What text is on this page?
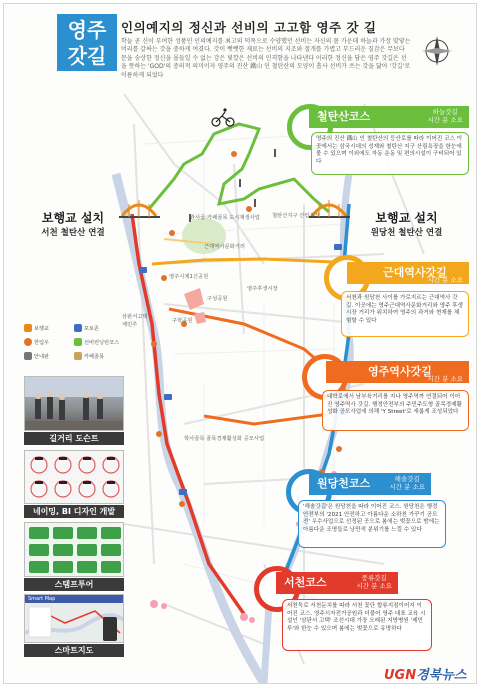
영주
갓길
인의예지의 정신과 선비의 고고함 영주 갓 길
학늘 곧 신이 부여한 성품인 인의예지를 최고의 덕목으로 수양했던 선비는 자신의 몸 가운데 하늘과 가장 맞닿는 머리를 갈싸는 갓을 중하게 여겼다. 갓이 뻣뻣한 재료는 선비의 지조와 절개를 가볍고 부드러운 질감은 무보다 문을 숭상한 정신을 몰들일 수 없는 강은 빛깔은 선비의 인격함을 나타낸다 이러한 정신을 담은 영주 갓길은 선을 뜻하는 'GOD'의 중의적 의미이자 영주의 진산 鐵山 인 철탄산의 모양이 흡사 선비가 쓰는 갓을 닮아 '갓길'로 이름하게 되었다
철탄산코스	하늘갓길
시간 분 소요
영주의 진산 鐵山 인 철탄산의 등산로를 따라 이어진 코스 이곳에서는 삼국시대의 성재와 철탄산 지구 산림욕장을 한눈에 볼 수 있으며 이외에도 자동 운동 및 편의시설이 구비되어 있다
근대역사갓길
시간 분 소요
서천과 원당천 사이를 가로지르는 근대역사 갓길. 이곳에는 영주근대역사문화거리와 영주 후생시장 거리가 위치하여 영주의 과거와 현재를 체험할 수 있다
영주역사갓길
시간 분 소요
대학로에서 남부육거리를 지나 영주역까 연결되어 이어진 영주역사 갓길. 행정안전부의 주민주도형 골목경제활성화 공모사업에 의해 'Y Street'로 새롭게 조성되었다
원당천코스	해솔갓길
시간 분 소요
'해솔갓길'은 원당천을 따라 이어진 코스. 원당천은 행정안전부의 '2021 안전하고 아름다운 소하천 가꾸기 공모전' 우수사업으로 선정된 곳으로 봄에는 벚꽃으로 밤에는 아름다운 조명들로 낭만적 분위기를 느낄 수 있다
서천코스	풍류갓길
시간 분 소요
서천둑로 서천둔치를 따라 서천 꽃단 합류지점이어지 이어진 코스. 영주시자전거공원과 더불어 영주 대표 교육 시설인 '삼판서 고택' 조선시대 가장 오래된 지방병원 '제민루'와 한눈 수 있으며 봄에는 벚꽃으로 유명하다
보행교 설치
서천 철탄산 연결
보행교 설치
원당천 철탄산 연결
관사골·카페골목 도시재생사업 철탄산지구 산림욕장
근대역사문화거리
영주시제1신공원
구성공원
영주후생시장
구학공원
삼판서고택
제민루
학사골목 골목경제활성화 공모사업
보행교	포토존
한입우	선비런닝런코스
안내판	카페골목
길거리 도슨트
네이밍, BI 디자인 개발
스탬프투어
Smart Map
스마트지도
UGN경북뉴스
